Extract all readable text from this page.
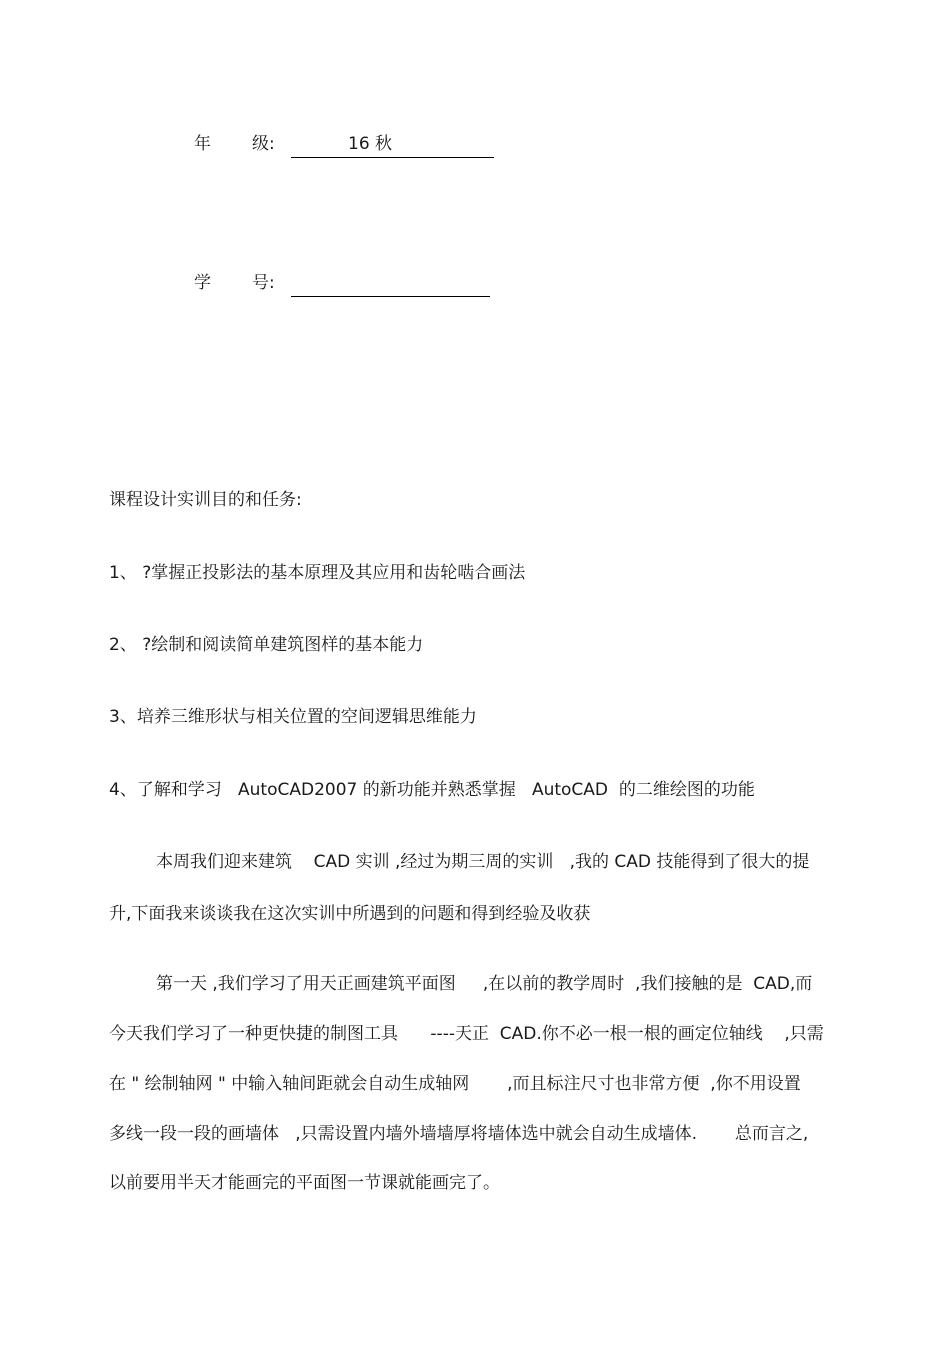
年 级:	16 秋
学 号:
课程设计实训目的和任务:
1、 ?掌握正投影法的基本原理及其应用和齿轮啮合画法
2、 ?绘制和阅读简单建筑图样的基本能力
3、培养三维形状与相关位置的空间逻辑思维能力
4、了解和学习   AutoCAD2007 的新功能并熟悉掌握   AutoCAD  的二维绘图的功能
本周我们迎来建筑    CAD 实训 ,经过为期三周的实训   ,我的 CAD 技能得到了很大的提
升,下面我来谈谈我在这次实训中所遇到的问题和得到经验及收获
第一天 ,我们学习了用天正画建筑平面图     ,在以前的教学周时  ,我们接触的是  CAD,而
今天我们学习了一种更快捷的制图工具      ----天正  CAD.你不必一根一根的画定位轴线    ,只需
在 " 绘制轴网 " 中输入轴间距就会自动生成轴网       ,而且标注尺寸也非常方便  ,你不用设置
多线一段一段的画墙体   ,只需设置内墙外墙墙厚将墙体选中就会自动生成墙体.       总而言之,
以前要用半天才能画完的平面图一节课就能画完了。
